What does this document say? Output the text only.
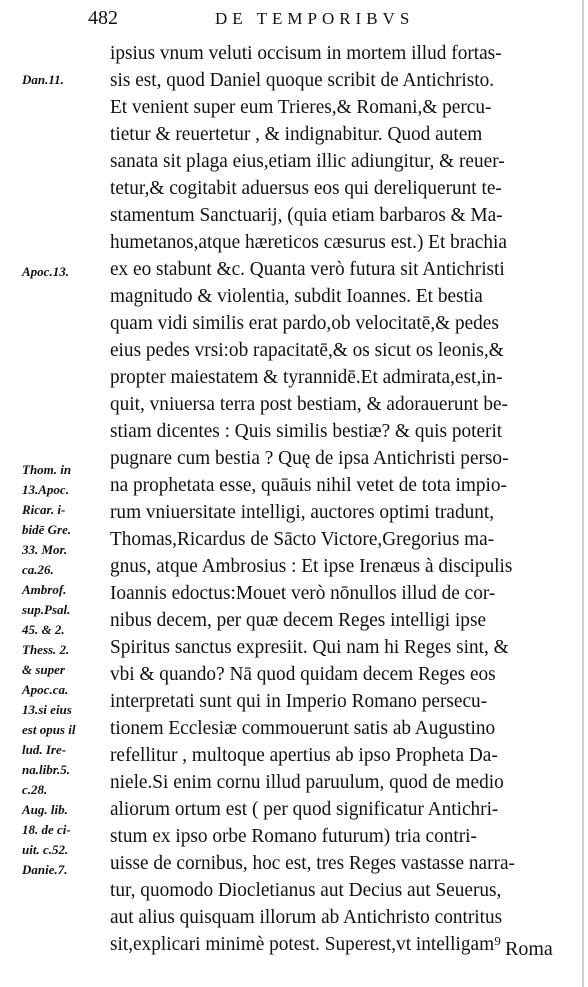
482	DE TEMPORIBVS
Dan.11.
Apoc.13.
Thom. in
13.Apoc.
Ricar. i-
bidē Gre.
33. Mor.
ca.26.
Ambrof.
sup.Psal.
45. & 2.
Thess. 2.
& super
Apoc.ca.
13.si eius
est opus il
lud. Ire-
na.libr.5.
c.28.
Aug. lib.
18. de ci-
uit. c.52.
Danie.7.
ipsius vnum veluti occisum in mortem illud fortas-
sis est, quod Daniel quoque scribit de Antichristo.
Et venient super eum Trieres,& Romani,& percu-
tietur & reuertetur , & indignabitur. Quod autem
sanata sit plaga eius,etiam illic adiungitur, & reuer-
tetur,& cogitabit aduersus eos qui dereliquerunt te-
stamentum Sanctuarij, (quia etiam barbaros & Ma-
humetanos,atque hæreticos cæsurus est.) Et brachia
ex eo stabunt &c. Quanta verò futura sit Antichristi
magnitudo & violentia, subdit Ioannes. Et bestia
quam vidi similis erat pardo,ob velocitatē,& pedes
eius pedes vrsi:ob rapacitatē,& os sicut os leonis,&
propter maiestatem & tyrannidē.Et admirata,est,in-
quit, vniuersa terra post bestiam, & adorauerunt be-
stiam dicentes : Quis similis bestiæ? & quis poterit
pugnare cum bestia ? Quę de ipsa Antichristi perso-
na prophetata esse, quāuis nihil vetet de tota impio-
rum vniuersitate intelligi, auctores optimi tradunt,
Thomas,Ricardus de Sācto Victore,Gregorius ma-
gnus, atque Ambrosius : Et ipse Irenæus à discipulis
Ioannis edoctus:Mouet verò nōnullos illud de cor-
nibus decem, per quæ decem Reges intelligi ipse
Spiritus sanctus expresiit. Qui nam hi Reges sint, &
vbi & quando? Nā quod quidam decem Reges eos
interpretati sunt qui in Imperio Romano persecu-
tionem Ecclesiæ commouerunt satis ab Augustino
refellitur , multoque apertius ab ipso Propheta Da-
niele.Si enim cornu illud paruulum, quod de medio
aliorum ortum est ( per quod significatur Antichri-
stum ex ipso orbe Romano futurum) tria contri-
uisse de cornibus, hoc est, tres Reges vastasse narra-
tur, quomodo Diocletianus aut Decius aut Seuerus,
aut alius quisquam illorum ab Antichristo contritus
sit,explicari minimè potest. Superest,vt intelligam⁹ Roma
